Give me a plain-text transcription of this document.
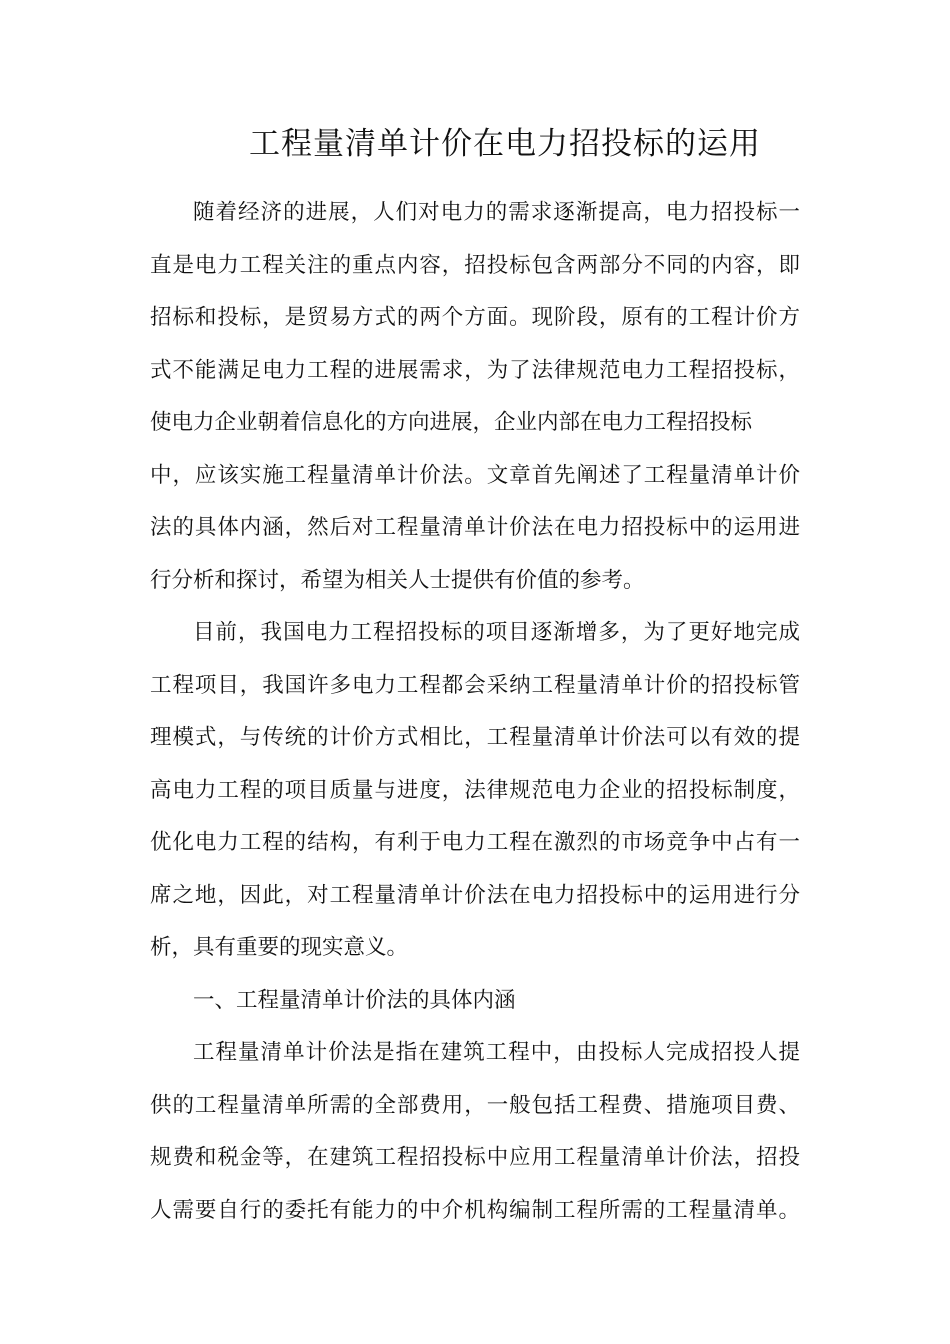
工程量清单计价在电力招投标的运用

随着经济的进展，人们对电力的需求逐渐提高，电力招投标一
直是电力工程关注的重点内容，招投标包含两部分不同的内容，即
招标和投标，是贸易方式的两个方面。现阶段，原有的工程计价方
式不能满足电力工程的进展需求，为了法律规范电力工程招投标，
使电力企业朝着信息化的方向进展，企业内部在电力工程招投标
中，应该实施工程量清单计价法。文章首先阐述了工程量清单计价
法的具体内涵，然后对工程量清单计价法在电力招投标中的运用进
行分析和探讨，希望为相关人士提供有价值的参考。

目前，我国电力工程招投标的项目逐渐增多，为了更好地完成
工程项目，我国许多电力工程都会采纳工程量清单计价的招投标管
理模式，与传统的计价方式相比，工程量清单计价法可以有效的提
高电力工程的项目质量与进度，法律规范电力企业的招投标制度，
优化电力工程的结构，有利于电力工程在激烈的市场竞争中占有一
席之地，因此，对工程量清单计价法在电力招投标中的运用进行分
析，具有重要的现实意义。

一、工程量清单计价法的具体内涵

工程量清单计价法是指在建筑工程中，由投标人完成招投人提
供的工程量清单所需的全部费用，一般包括工程费、措施项目费、
规费和税金等，在建筑工程招投标中应用工程量清单计价法，招投
人需要自行的委托有能力的中介机构编制工程所需的工程量清单。
